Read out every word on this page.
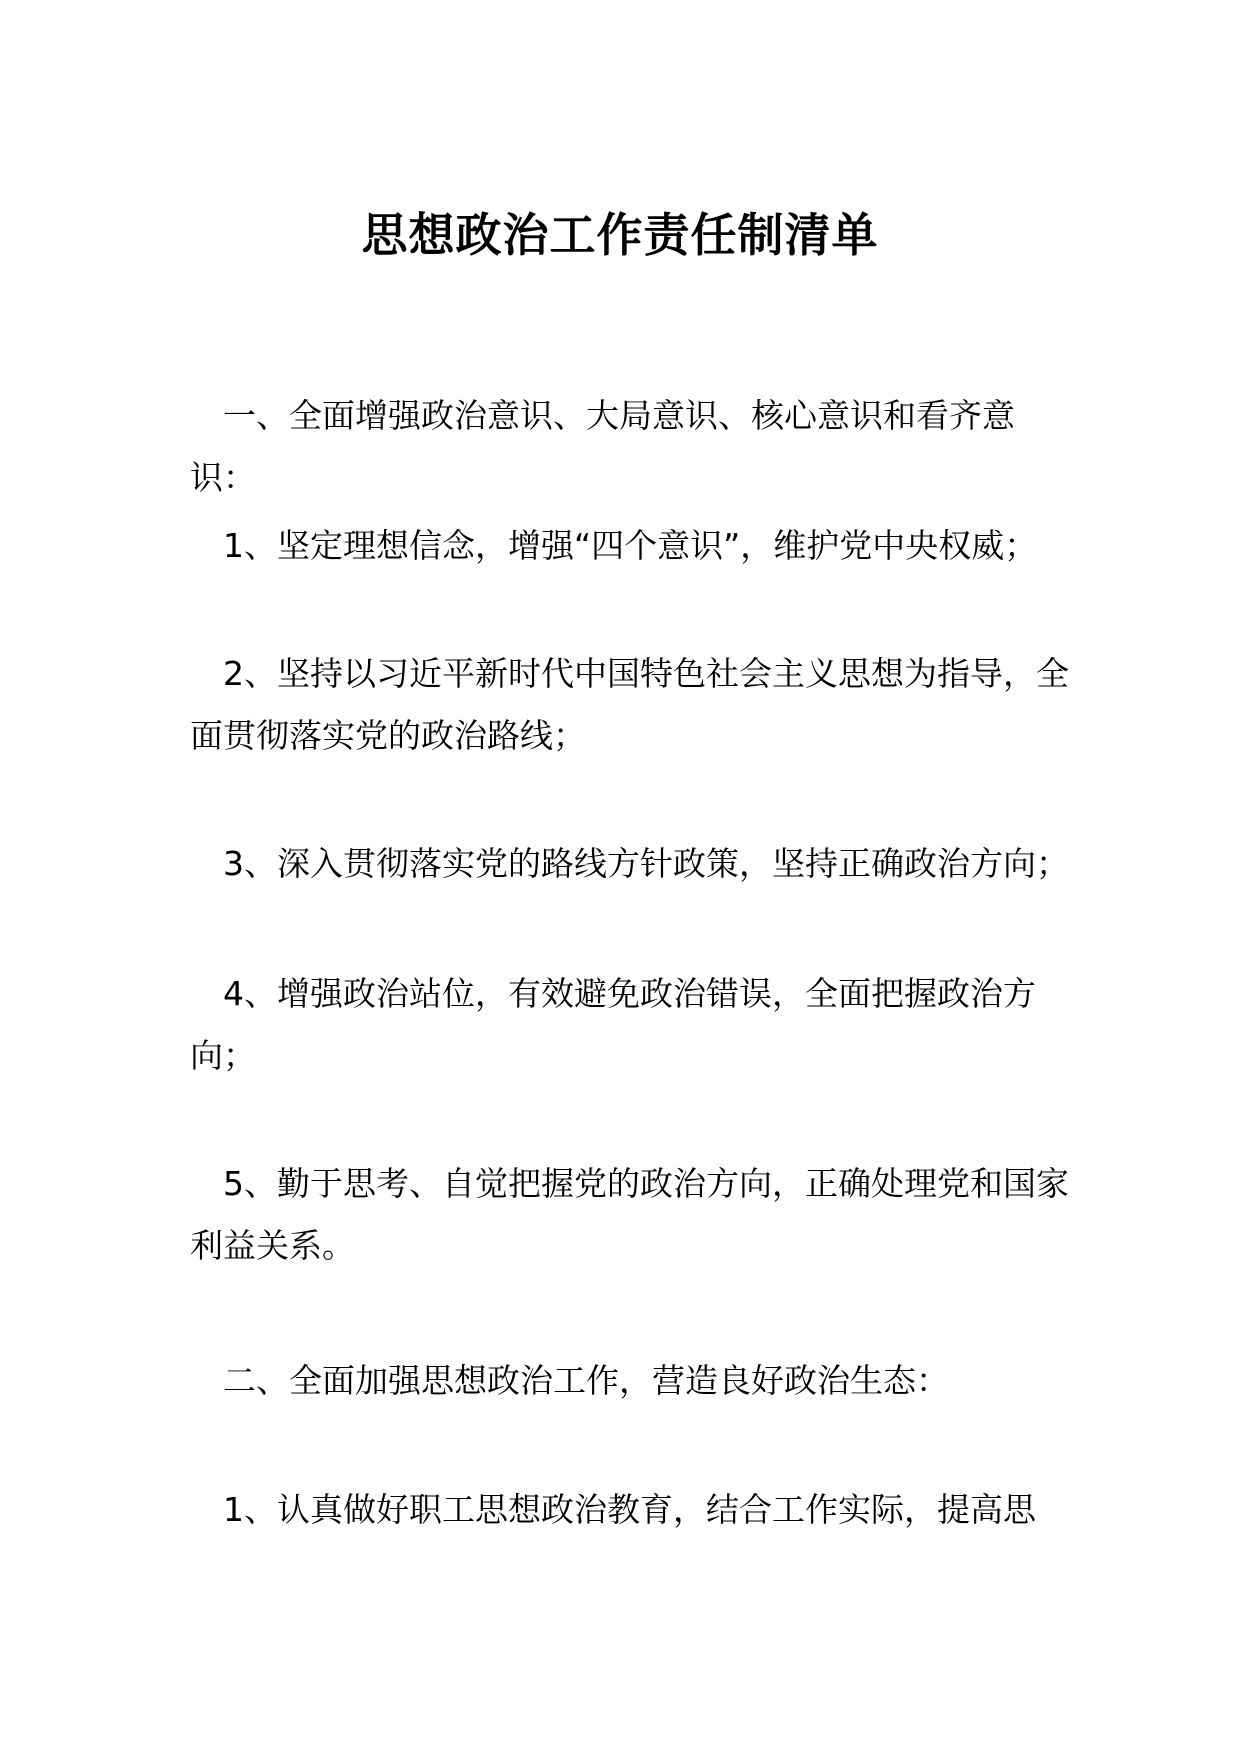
思想政治工作责任制清单
一、全面增强政治意识、大局意识、核心意识和看齐意识：
1、坚定理想信念，增强“四个意识”，维护党中央权威；
2、坚持以习近平新时代中国特色社会主义思想为指导，全面贯彻落实党的政治路线；
3、深入贯彻落实党的路线方针政策，坚持正确政治方向；
4、增强政治站位，有效避免政治错误，全面把握政治方向；
5、勤于思考、自觉把握党的政治方向，正确处理党和国家利益关系。
二、全面加强思想政治工作，营造良好政治生态：
1、认真做好职工思想政治教育，结合工作实际，提高思
